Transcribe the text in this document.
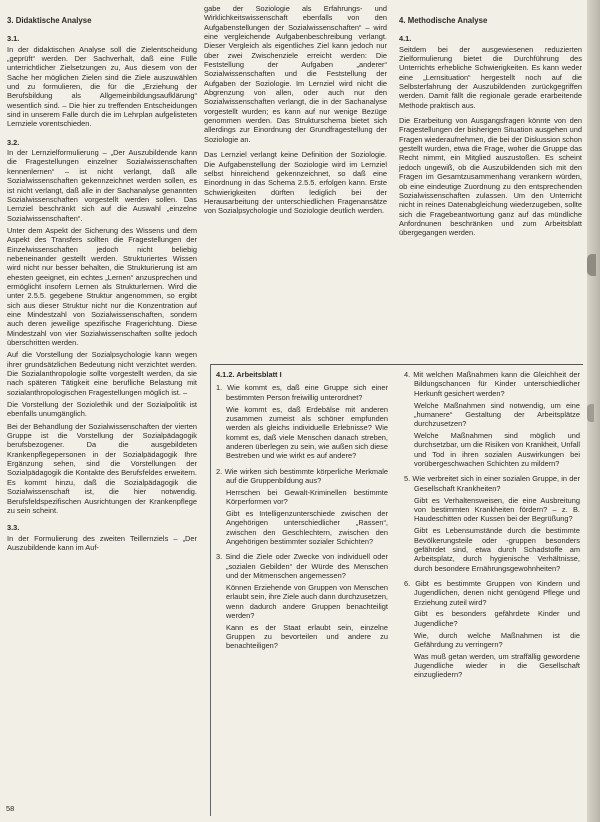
3. Didaktische Analyse

3.1.

In der didaktischen Analyse soll die Zielentscheidung „geprüft“ werden. Der Sachverhalt, daß eine Fülle unterrichtlicher Zielsetzungen zu, Aus diesem von der Sache her möglichen Zielen sind die Ziele auszuwählen und zu formulieren, die für die „Erziehung der Berufsbildung als Allgemeinbildungsaufklärung“ wesentlich sind. – Die hier zu treffenden Entscheidungen sind in unserem Falle durch die im Lehrplan aufgelisteten Lernziele vorentschieden.

3.2.

In der Lernzielformulierung – „Der Auszubildende kann die Fragestellungen einzelner Sozialwissenschaften kennenlernen“ – ist nicht verlangt, daß alle Sozialwissenschaften gekennzeichnet werden sollen, es ist nicht verlangt, daß alle in der Sachanalyse genannten Sozialwissenschaften vorgestellt werden sollen. Das Lernziel beschränkt sich auf die Auswahl „einzelne Sozialwissenschaften“.

Unter dem Aspekt der Sicherung des Wissens und dem Aspekt des Transfers sollten die Fragestellungen der Einzelwissenschaften jedoch nicht beliebig nebeneinander gestellt werden. Strukturiertes Wissen wird nicht nur besser behalten, die Strukturierung ist am ehesten geeignet, ein echtes „Lernen“ anzusprechen und ermöglicht insofern Lernen als Strukturlernen. Wird die unter 2.5.5. gegebene Struktur angenommen, so ergibt sich aus dieser Struktur nicht nur die Konzentration auf eine Mindestzahl von Sozialwissenschaften, sondern auch deren jeweilige spezifische Fragerichtung. Diese Mindestzahl von vier Sozialwissenschaften sollte jedoch überschritten werden.

Auf die Vorstellung der Sozialpsychologie kann wegen ihrer grundsätzlichen Bedeutung nicht verzichtet werden. Die Sozialanthropologie sollte vorgestellt werden, da sie nach späteren Tätigkeit eine berufliche Belastung mit sozialanthropologischen Fragestellungen möglich ist. –

Die Vorstellung der Soziolethik und der Sozialpolitik ist ebenfalls unumgänglich.

Bei der Behandlung der Sozialwissenschaften der vierten Gruppe ist die Vorstellung der Sozialpädagogik berufsbezogener. Da die ausgebildeten Krankenpflegepersonen in der Sozialpädagogik Ihre Ergänzung sehen, sind die Vorstellungen der Sozialpädagogik die Kontakte des Berufsfeldes erweitern. Es kommt hinzu, daß die Sozialpädagogik die Sozialwissenschaft ist, die hier notwendig. Berufsfeldspezifischen Ausrichtungen der Krankenpflege zu sein scheint.

3.3.

In der Formulierung des zweiten Teillernziels – „Der Auszubildende kann im Auf-

gabe der Soziologie als Erfahrungs- und Wirklichkeitswissenschaft ebenfalls von den Aufgabenstellungen der Sozialwissenschaften“ – wird eine vergleichende Aufgabenbeschreibung verlangt. Dieser Vergleich als eigentliches Ziel kann jedoch nur über zwei Zwischenziele erreicht werden: Die Feststellung der Aufgaben „anderer“ Sozialwissenschaften und die Feststellung der Aufgaben der Soziologie. Im Lernziel wird nicht die Abgrenzung von allen, oder auch nur den Sozialwissenschaften verlangt, die in der Sachanalyse vorgestellt wurden; es kann auf nur wenige Bezüge genommen werden. Das Strukturschema bietet sich allerdings zur Einordnung der Grundfragestellung der Soziologie an.

Das Lernziel verlangt keine Definition der Soziologie. Die Aufgabenstellung der Soziologie wird im Lernziel selbst hinreichend gekennzeichnet, so daß eine Einordnung in das Schema 2.5.5. erfolgen kann. Erste Schwierigkeiten dürften lediglich bei der Herausarbeitung der unterschiedlichen Fragenansätze von Sozialpsychologie und Soziologie deutlich werden.

4. Methodische Analyse

4.1.

Seitdem bei der ausgewiesenen reduzierten Zielformulierung bietet die Durchführung des Unterrichts erhebliche Schwierigkeiten. Es kann weder eine „Lernsituation“ hergestellt noch auf die Selbsterfahrung der Auszubildenden zurückgegriffen werden. Damit fällt die regionale gerade erarbeitende Methode praktisch aus.

Die Erarbeitung von Ausgangsfragen könnte von den Fragestellungen der bisherigen Situation ausgehen und Fragen wiederaufnehmen, die bei der Diskussion schon gestellt wurden, etwa die Frage, woher die Gruppe das Recht nimmt, ein Mitglied auszustoßen. Es scheint jedoch ungewiß, ob die Auszubildenden sich mit den Fragen im Gesamtzusammenhang verankern würden, ob eine eindeutige Zuordnung zu den entsprechenden Sozialwissenschaften zulassen. Um den Unterricht nicht in reines Datenabgleichung wiederzugeben, sollte sich die Fragebeantwortung ganz auf das mündliche Anfordnunen beschränken und zum Arbeitsblatt übergegangen werden.

4.1.2. Arbeitsblatt I

1. Wie kommt es, daß eine Gruppe sich einer bestimmten Person freiwillig unterordnet?

Wie kommt es, daß Erdebälse mit anderen zusammen zumeist als schöner empfunden werden als gleichs individuelle Erlebnisse? Wie kommt es, daß viele Menschen danach streben, anderen überlegen zu sein, wie außen sich diese Bestreben und wie wirkt es auf andere?

2. Wie wirken sich bestimmte körperliche Merkmale auf die Gruppenbildung aus?

Herrschen bei Gewalt-Kriminellen bestimmte Körperformen vor?

Gibt es Intelligenzunterschiede zwischen der Angehörigen unterschiedlicher „Rassen“, zwischen den Geschlechtern, zwischen den Angehörigen bestimmter sozialer Schichten?

3. Sind die Ziele oder Zwecke von individuell oder „sozialen Gebilden“ der Würde des Menschen und der Mitmenschen angemessen?

Können Erziehende von Gruppen von Menschen erlaubt sein, ihre Ziele auch dann durchzusetzen, wenn dadurch andere Gruppen benachteiligt werden?

Kann es der Staat erlaubt sein, einzelne Gruppen zu bevorteilen und andere zu benachteiligen?

4. Mit welchen Maßnahmen kann die Gleichheit der Bildungschancen für Kinder unterschiedlicher Herkunft gesichert werden?

Welche Maßnahmen sind notwendig, um eine „humanere“ Gestaltung der Arbeitsplätze durchzusetzen?

Welche Maßnahmen sind möglich und durchsetzbar, um die Risiken von Krankheit, Unfall und Tod in ihren sozialen Auswirkungen bei vorübergeschwachen Schichten zu mildern?

5. Wie verbreitet sich in einer sozialen Gruppe, in der Gesellschaft Krankheiten?

Gibt es Verhaltensweisen, die eine Ausbreitung von bestimmten Krankheiten fördern? – z. B. Haudeschitten oder Kussen bei der Begrüßung?

Gibt es Lebensumstände durch die bestimmte Bevölkerungsteile oder -gruppen besonders gefährdet sind, etwa durch Schadstoffe am Arbeitsplatz, durch hygienische Verhältnisse, durch besondere Ernährungsgewohnheiten?

6. Gibt es bestimmte Gruppen von Kindern und Jugendlichen, denen nicht genügend Pflege und Erziehung zuteil wird?

Gibt es besonders gefährdete Kinder und Jugendliche?

Wie, durch welche Maßnahmen ist die Gefährdung zu verringern?

Was muß getan werden, um straffällig gewordene Jugendliche wieder in die Gesellschaft einzugliedern?

58
